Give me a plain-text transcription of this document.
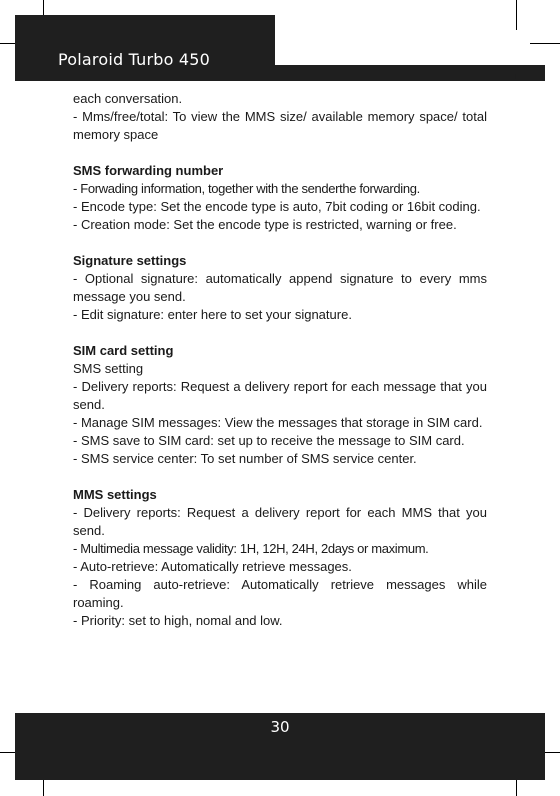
Polaroid Turbo 450

each conversation.

- Mms/free/total: To view the MMS size/ available memory space/ total memory space

SMS forwarding number

- Forwading information, together with the senderthe forwarding.

- Encode type: Set the encode type is auto, 7bit coding or 16bit coding.

- Creation mode: Set the encode type is restricted, warning or free.

Signature settings

- Optional signature: automatically append signature to every mms message you send.

- Edit signature: enter here to set your signature.

SIM card setting

SMS setting

- Delivery reports: Request a delivery report for each message that you send.

- Manage SIM messages: View the messages that storage in SIM card.

- SMS save to SIM card: set up to receive the message to SIM card.

- SMS service center: To set number of SMS service center.

MMS settings

- Delivery reports: Request a delivery report for each MMS that you send.

- Multimedia message validity: 1H, 12H, 24H, 2days or maximum.

- Auto-retrieve: Automatically retrieve messages.

- Roaming auto-retrieve: Automatically retrieve messages while roaming.

- Priority: set to high, nomal and low.

30
